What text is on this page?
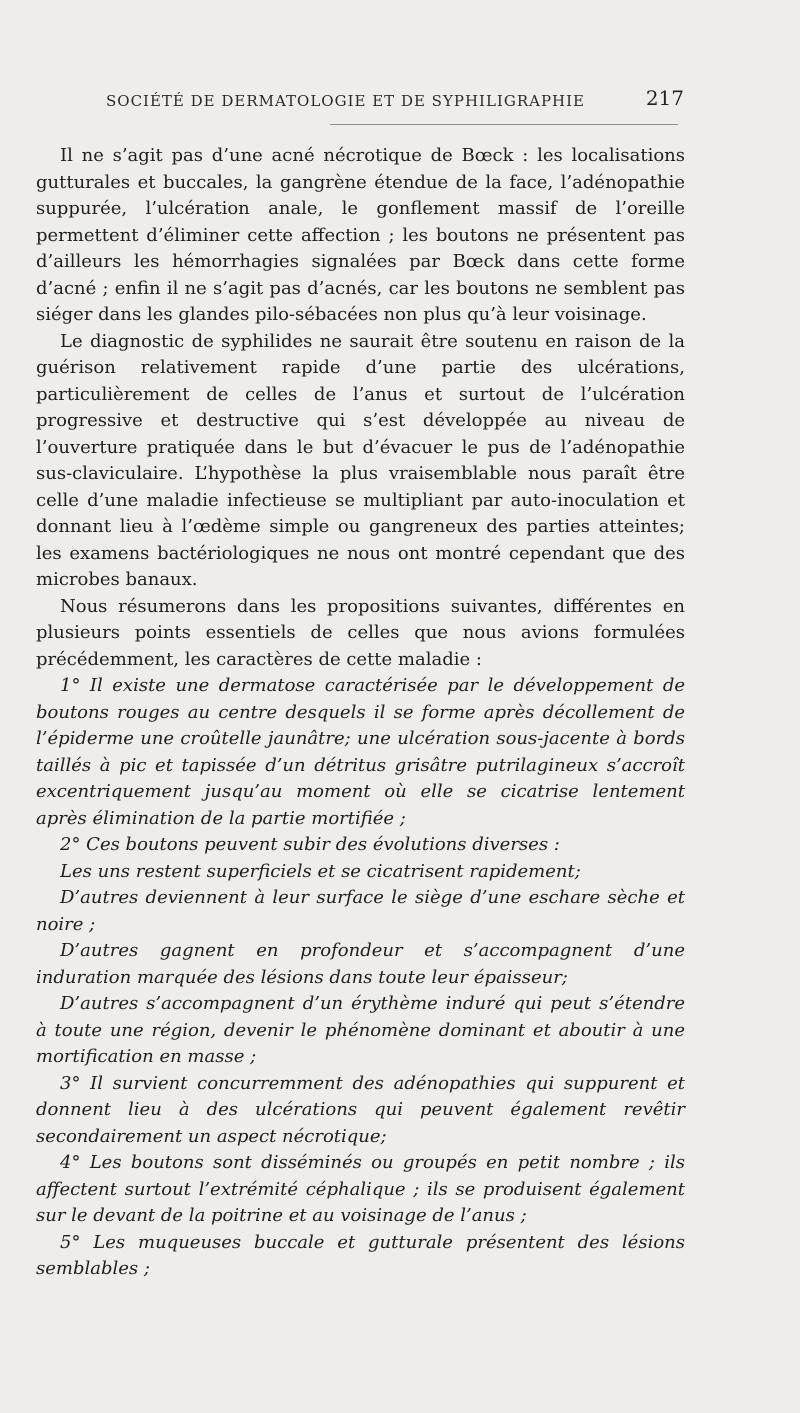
SOCIÉTÉ DE DERMATOLOGIE ET DE SYPHILIGRAPHIE	217

Il ne s’agit pas d’une acné nécrotique de Bœck : les localisations gutturales et buccales, la gangrène étendue de la face, l’adénopathie suppurée, l’ulcération anale, le gonflement massif de l’oreille permettent d’éliminer cette affection ; les boutons ne présentent pas d’ailleurs les hémorrhagies signalées par Bœck dans cette forme d’acné ; enfin il ne s’agit pas d’acnés, car les boutons ne semblent pas siéger dans les glandes pilo-sébacées non plus qu’à leur voisinage.

Le diagnostic de syphilides ne saurait être soutenu en raison de la guérison relativement rapide d’une partie des ulcérations, particulièrement de celles de l’anus et surtout de l’ulcération progressive et destructive qui s’est développée au niveau de l’ouverture pratiquée dans le but d’évacuer le pus de l’adénopathie sus-claviculaire. L’hypothèse la plus vraisemblable nous paraît être celle d’une maladie infectieuse se multipliant par auto-inoculation et donnant lieu à l’œdème simple ou gangreneux des parties atteintes; les examens bactériologiques ne nous ont montré cependant que des microbes banaux.

Nous résumerons dans les propositions suivantes, différentes en plusieurs points essentiels de celles que nous avions formulées précédemment, les caractères de cette maladie :

1° Il existe une dermatose caractérisée par le développement de boutons rouges au centre desquels il se forme après décollement de l’épiderme une croûtelle jaunâtre; une ulcération sous-jacente à bords taillés à pic et tapissée d’un détritus grisâtre putrilagineux s’accroît excentriquement jusqu’au moment où elle se cicatrise lentement après élimination de la partie mortifiée ;

2° Ces boutons peuvent subir des évolutions diverses :

Les uns restent superficiels et se cicatrisent rapidement;

D’autres deviennent à leur surface le siège d’une eschare sèche et noire ;

D’autres gagnent en profondeur et s’accompagnent d’une induration marquée des lésions dans toute leur épaisseur;

D’autres s’accompagnent d’un érythème induré qui peut s’étendre à toute une région, devenir le phénomène dominant et aboutir à une mortification en masse ;

3° Il survient concurremment des adénopathies qui suppurent et donnent lieu à des ulcérations qui peuvent également revêtir secondairement un aspect nécrotique;

4° Les boutons sont disséminés ou groupés en petit nombre ; ils affectent surtout l’extrémité céphalique ; ils se produisent également sur le devant de la poitrine et au voisinage de l’anus ;

5° Les muqueuses buccale et gutturale présentent des lésions semblables ;
